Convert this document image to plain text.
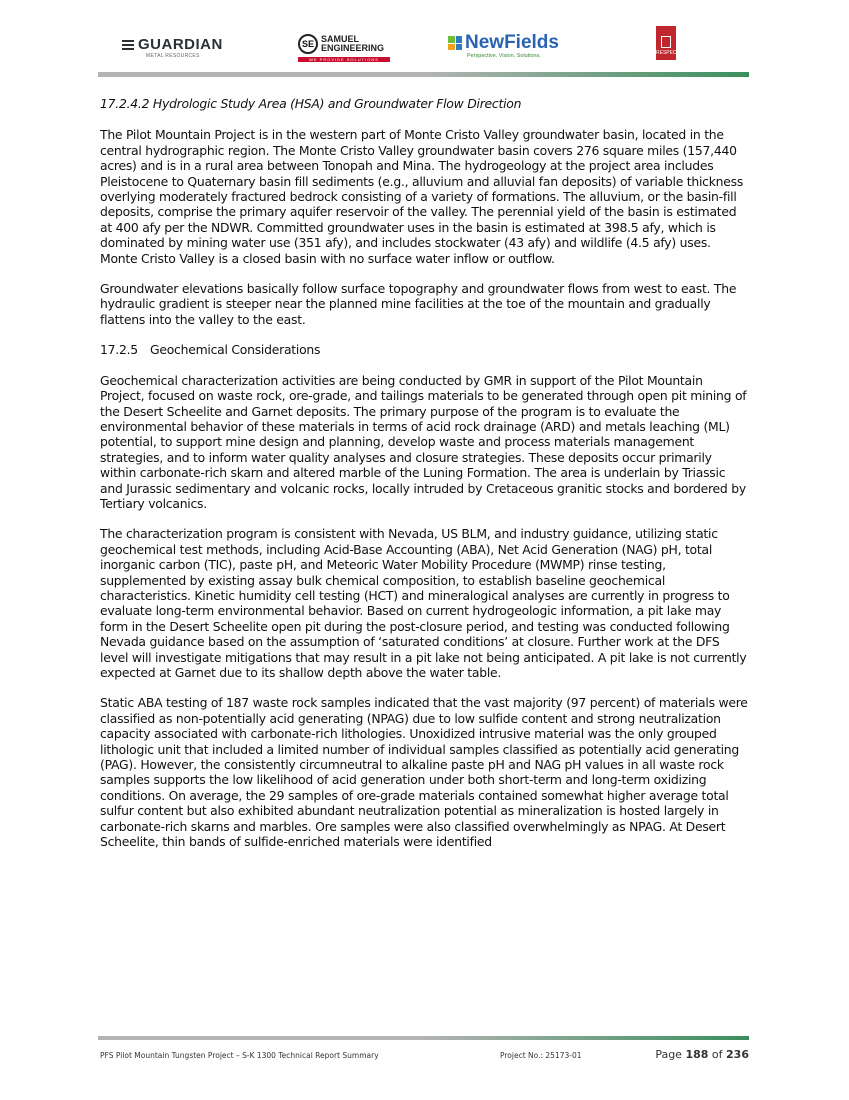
GUARDIAN
METAL RESOURCES
SE SAMUEL
ENGINEERING
WE PROVIDE SOLUTIONS
NewFields
Perspective. Vision. Solutions.	RESPEC
17.2.4.2 Hydrologic Study Area (HSA) and Groundwater Flow Direction

The Pilot Mountain Project is in the western part of Monte Cristo Valley groundwater basin, located in the central hydrographic region. The Monte Cristo Valley groundwater basin covers 276 square miles (157,440 acres) and is in a rural area between Tonopah and Mina. The hydrogeology at the project area includes Pleistocene to Quaternary basin fill sediments (e.g., alluvium and alluvial fan deposits) of variable thickness overlying moderately fractured bedrock consisting of a variety of formations. The alluvium, or the basin-fill deposits, comprise the primary aquifer reservoir of the valley. The perennial yield of the basin is estimated at 400 afy per the NDWR. Committed groundwater uses in the basin is estimated at 398.5 afy, which is dominated by mining water use (351 afy), and includes stockwater (43 afy) and wildlife (4.5 afy) uses. Monte Cristo Valley is a closed basin with no surface water inflow or outflow.

Groundwater elevations basically follow surface topography and groundwater flows from west to east. The hydraulic gradient is steeper near the planned mine facilities at the toe of the mountain and gradually flattens into the valley to the east.

17.2.5 Geochemical Considerations

Geochemical characterization activities are being conducted by GMR in support of the Pilot Mountain Project, focused on waste rock, ore-grade, and tailings materials to be generated through open pit mining of the Desert Scheelite and Garnet deposits. The primary purpose of the program is to evaluate the environmental behavior of these materials in terms of acid rock drainage (ARD) and metals leaching (ML) potential, to support mine design and planning, develop waste and process materials management strategies, and to inform water quality analyses and closure strategies. These deposits occur primarily within carbonate-rich skarn and altered marble of the Luning Formation. The area is underlain by Triassic and Jurassic sedimentary and volcanic rocks, locally intruded by Cretaceous granitic stocks and bordered by Tertiary volcanics.

The characterization program is consistent with Nevada, US BLM, and industry guidance, utilizing static geochemical test methods, including Acid-Base Accounting (ABA), Net Acid Generation (NAG) pH, total inorganic carbon (TIC), paste pH, and Meteoric Water Mobility Procedure (MWMP) rinse testing, supplemented by existing assay bulk chemical composition, to establish baseline geochemical characteristics. Kinetic humidity cell testing (HCT) and mineralogical analyses are currently in progress to evaluate long-term environmental behavior. Based on current hydrogeologic information, a pit lake may form in the Desert Scheelite open pit during the post-closure period, and testing was conducted following Nevada guidance based on the assumption of ‘saturated conditions’ at closure. Further work at the DFS level will investigate mitigations that may result in a pit lake not being anticipated. A pit lake is not currently expected at Garnet due to its shallow depth above the water table.

Static ABA testing of 187 waste rock samples indicated that the vast majority (97 percent) of materials were classified as non-potentially acid generating (NPAG) due to low sulfide content and strong neutralization capacity associated with carbonate-rich lithologies. Unoxidized intrusive material was the only grouped lithologic unit that included a limited number of individual samples classified as potentially acid generating (PAG). However, the consistently circumneutral to alkaline paste pH and NAG pH values in all waste rock samples supports the low likelihood of acid generation under both short-term and long-term oxidizing conditions. On average, the 29 samples of ore-grade materials contained somewhat higher average total sulfur content but also exhibited abundant neutralization potential as mineralization is hosted largely in carbonate-rich skarns and marbles. Ore samples were also classified overwhelmingly as NPAG. At Desert Scheelite, thin bands of sulfide-enriched materials were identified

PFS Pilot Mountain Tungsten Project – S-K 1300 Technical Report Summary	Project No.: 25173-01	Page 188 of 236
